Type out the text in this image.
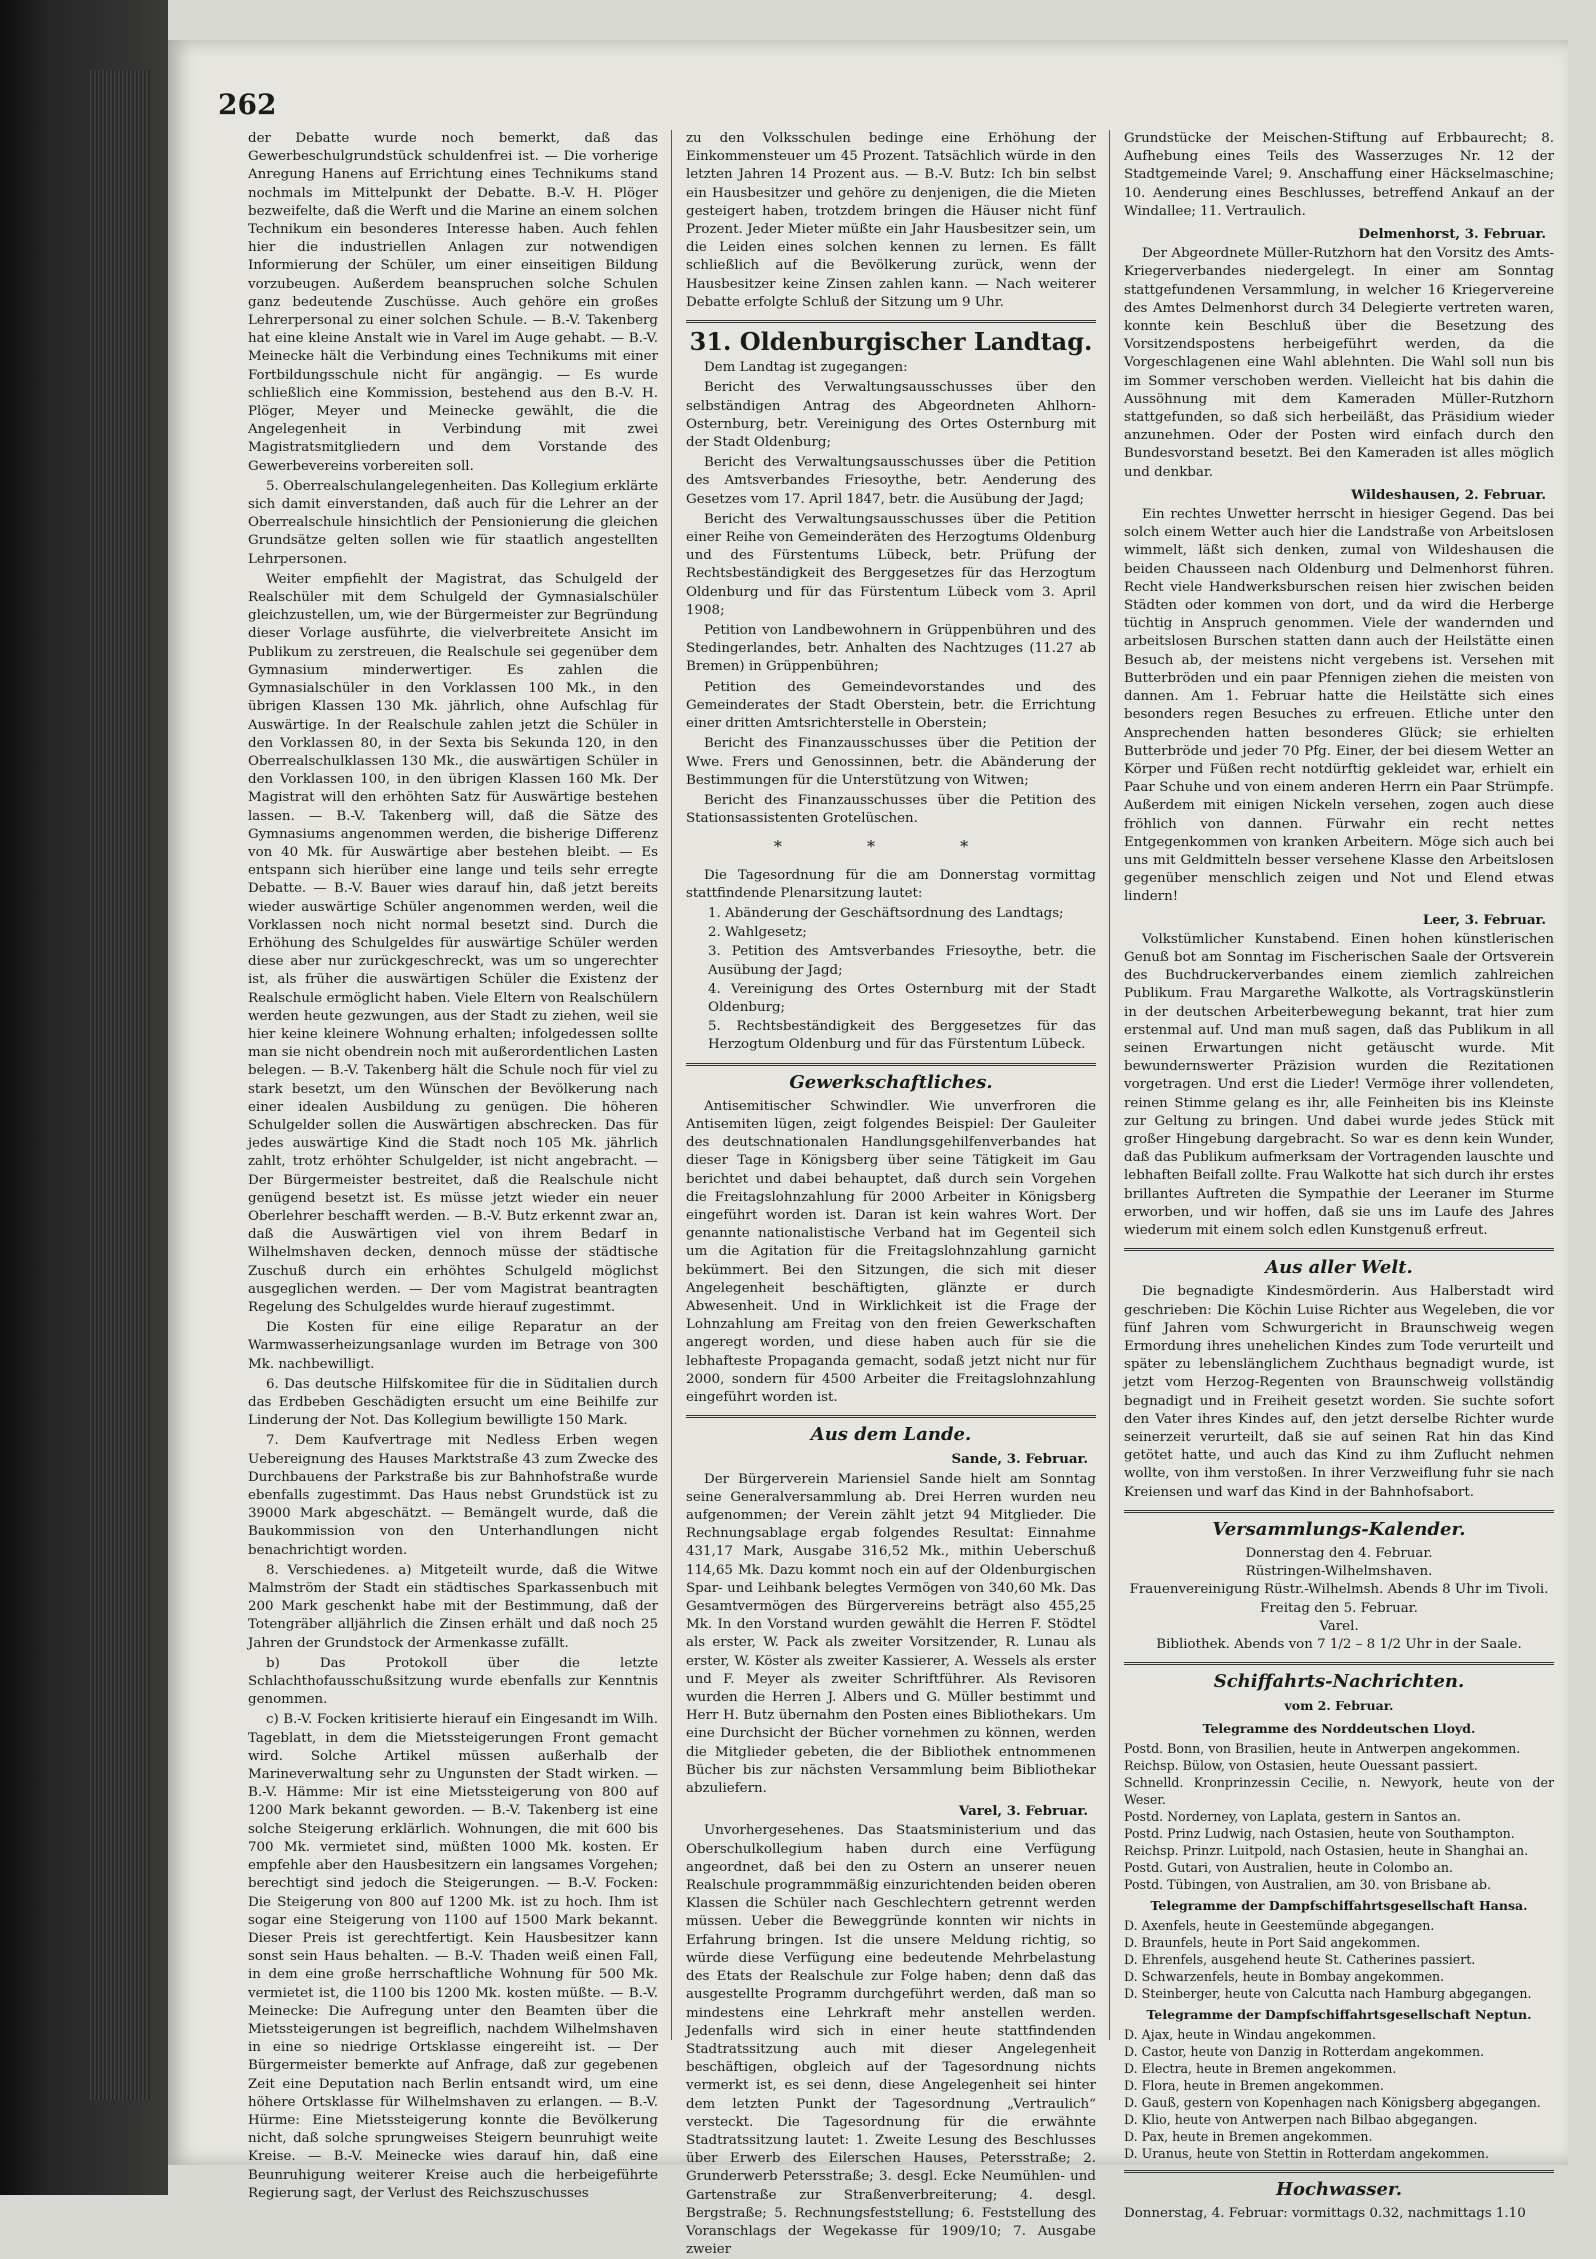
262

der Debatte wurde noch bemerkt, daß das Gewerbeschulgrundstück schuldenfrei ist. — Die vorherige Anregung Hanens auf Errichtung eines Technikums stand nochmals im Mittelpunkt der Debatte. B.-V. H. Plöger bezweifelte, daß die Werft und die Marine an einem solchen Technikum ein besonderes Interesse haben. Auch fehlen hier die industriellen Anlagen zur notwendigen Informierung der Schüler, um einer einseitigen Bildung vorzubeugen. Außerdem beanspruchen solche Schulen ganz bedeutende Zuschüsse. Auch gehöre ein großes Lehrerpersonal zu einer solchen Schule. — B.-V. Takenberg hat eine kleine Anstalt wie in Varel im Auge gehabt. — B.-V. Meinecke hält die Verbindung eines Technikums mit einer Fortbildungsschule nicht für angängig. — Es wurde schließlich eine Kommission, bestehend aus den B.-V. H. Plöger, Meyer und Meinecke gewählt, die die Angelegenheit in Verbindung mit zwei Magistratsmitgliedern und dem Vorstande des Gewerbevereins vorbereiten soll.

5. Oberrealschulangelegenheiten. Das Kollegium erklärte sich damit einverstanden, daß auch für die Lehrer an der Oberrealschule hinsichtlich der Pensionierung die gleichen Grundsätze gelten sollen wie für staatlich angestellten Lehrpersonen.

Weiter empfiehlt der Magistrat, das Schulgeld der Realschüler mit dem Schulgeld der Gymnasialschüler gleichzustellen, um, wie der Bürgermeister zur Begründung dieser Vorlage ausführte, die vielverbreitete Ansicht im Publikum zu zerstreuen, die Realschule sei gegenüber dem Gymnasium minderwertiger. Es zahlen die Gymnasialschüler in den Vorklassen 100 Mk., in den übrigen Klassen 130 Mk. jährlich, ohne Aufschlag für Auswärtige. In der Realschule zahlen jetzt die Schüler in den Vorklassen 80, in der Sexta bis Sekunda 120, in den Oberrealschulklassen 130 Mk., die auswärtigen Schüler in den Vorklassen 100, in den übrigen Klassen 160 Mk. Der Magistrat will den erhöhten Satz für Auswärtige bestehen lassen. — B.-V. Takenberg will, daß die Sätze des Gymnasiums angenommen werden, die bisherige Differenz von 40 Mk. für Auswärtige aber bestehen bleibt. — Es entspann sich hierüber eine lange und teils sehr erregte Debatte. — B.-V. Bauer wies darauf hin, daß jetzt bereits wieder auswärtige Schüler angenommen werden, weil die Vorklassen noch nicht normal besetzt sind. Durch die Erhöhung des Schulgeldes für auswärtige Schüler werden diese aber nur zurückgeschreckt, was um so ungerechter ist, als früher die auswärtigen Schüler die Existenz der Realschule ermöglicht haben. Viele Eltern von Realschülern werden heute gezwungen, aus der Stadt zu ziehen, weil sie hier keine kleinere Wohnung erhalten; infolgedessen sollte man sie nicht obendrein noch mit außerordentlichen Lasten belegen. — B.-V. Takenberg hält die Schule noch für viel zu stark besetzt, um den Wünschen der Bevölkerung nach einer idealen Ausbildung zu genügen. Die höheren Schulgelder sollen die Auswärtigen abschrecken. Das für jedes auswärtige Kind die Stadt noch 105 Mk. jährlich zahlt, trotz erhöhter Schulgelder, ist nicht angebracht. — Der Bürgermeister bestreitet, daß die Realschule nicht genügend besetzt ist. Es müsse jetzt wieder ein neuer Oberlehrer beschafft werden. — B.-V. Butz erkennt zwar an, daß die Auswärtigen viel von ihrem Bedarf in Wilhelmshaven decken, dennoch müsse der städtische Zuschuß durch ein erhöhtes Schulgeld möglichst ausgeglichen werden. — Der vom Magistrat beantragten Regelung des Schulgeldes wurde hierauf zugestimmt.

Die Kosten für eine eilige Reparatur an der Warmwasserheizungsanlage wurden im Betrage von 300 Mk. nachbewilligt.

6. Das deutsche Hilfskomitee für die in Süditalien durch das Erdbeben Geschädigten ersucht um eine Beihilfe zur Linderung der Not. Das Kollegium bewilligte 150 Mark.

7. Dem Kaufvertrage mit Nedless Erben wegen Uebereignung des Hauses Marktstraße 43 zum Zwecke des Durchbauens der Parkstraße bis zur Bahnhofstraße wurde ebenfalls zugestimmt. Das Haus nebst Grundstück ist zu 39000 Mark abgeschätzt. — Bemängelt wurde, daß die Baukommission von den Unterhandlungen nicht benachrichtigt worden.

8. Verschiedenes. a) Mitgeteilt wurde, daß die Witwe Malmström der Stadt ein städtisches Sparkassenbuch mit 200 Mark geschenkt habe mit der Bestimmung, daß der Totengräber alljährlich die Zinsen erhält und daß noch 25 Jahren der Grundstock der Armenkasse zufällt.

b) Das Protokoll über die letzte Schlachthofausschußsitzung wurde ebenfalls zur Kenntnis genommen.

c) B.-V. Focken kritisierte hierauf ein Eingesandt im Wilh. Tageblatt, in dem die Mietssteigerungen Front gemacht wird. Solche Artikel müssen außerhalb der Marineverwaltung sehr zu Ungunsten der Stadt wirken. — B.-V. Hämme: Mir ist eine Mietssteigerung von 800 auf 1200 Mark bekannt geworden. — B.-V. Takenberg ist eine solche Steigerung erklärlich. Wohnungen, die mit 600 bis 700 Mk. vermietet sind, müßten 1000 Mk. kosten. Er empfehle aber den Hausbesitzern ein langsames Vorgehen; berechtigt sind jedoch die Steigerungen. — B.-V. Focken: Die Steigerung von 800 auf 1200 Mk. ist zu hoch. Ihm ist sogar eine Steigerung von 1100 auf 1500 Mark bekannt. Dieser Preis ist gerechtfertigt. Kein Hausbesitzer kann sonst sein Haus behalten. — B.-V. Thaden weiß einen Fall, in dem eine große herrschaftliche Wohnung für 500 Mk. vermietet ist, die 1100 bis 1200 Mk. kosten müßte. — B.-V. Meinecke: Die Aufregung unter den Beamten über die Mietssteigerungen ist begreiflich, nachdem Wilhelmshaven in eine so niedrige Ortsklasse eingereiht ist. — Der Bürgermeister bemerkte auf Anfrage, daß zur gegebenen Zeit eine Deputation nach Berlin entsandt wird, um eine höhere Ortsklasse für Wilhelmshaven zu erlangen. — B.-V. Hürme: Eine Mietssteigerung konnte die Bevölkerung nicht, daß solche sprungweises Steigern beunruhigt weite Kreise. — B.-V. Meinecke wies darauf hin, daß eine Beunruhigung weiterer Kreise auch die herbeigeführte Regierung sagt, der Verlust des Reichszuschusses

zu den Volksschulen bedinge eine Erhöhung der Einkommensteuer um 45 Prozent. Tatsächlich würde in den letzten Jahren 14 Prozent aus. — B.-V. Butz: Ich bin selbst ein Hausbesitzer und gehöre zu denjenigen, die die Mieten gesteigert haben, trotzdem bringen die Häuser nicht fünf Prozent. Jeder Mieter müßte ein Jahr Hausbesitzer sein, um die Leiden eines solchen kennen zu lernen. Es fällt schließlich auf die Bevölkerung zurück, wenn der Hausbesitzer keine Zinsen zahlen kann. — Nach weiterer Debatte erfolgte Schluß der Sitzung um 9 Uhr.

31. Oldenburgischer Landtag.

Dem Landtag ist zugegangen:

Bericht des Verwaltungsausschusses über den selbständigen Antrag des Abgeordneten Ahlhorn-Osternburg, betr. Vereinigung des Ortes Osternburg mit der Stadt Oldenburg;

Bericht des Verwaltungsausschusses über die Petition des Amtsverbandes Friesoythe, betr. Aenderung des Gesetzes vom 17. April 1847, betr. die Ausübung der Jagd;

Bericht des Verwaltungsausschusses über die Petition einer Reihe von Gemeinderäten des Herzogtums Oldenburg und des Fürstentums Lübeck, betr. Prüfung der Rechtsbeständigkeit des Berggesetzes für das Herzogtum Oldenburg und für das Fürstentum Lübeck vom 3. April 1908;

Petition von Landbewohnern in Grüppenbühren und des Stedingerlandes, betr. Anhalten des Nachtzuges (11.27 ab Bremen) in Grüppenbühren;

Petition des Gemeindevorstandes und des Gemeinderates der Stadt Oberstein, betr. die Errichtung einer dritten Amtsrichterstelle in Oberstein;

Bericht des Finanzausschusses über die Petition der Wwe. Frers und Genossinnen, betr. die Abänderung der Bestimmungen für die Unterstützung von Witwen;

Bericht des Finanzausschusses über die Petition des Stationsassistenten Grotelüschen.

* * *

Die Tagesordnung für die am Donnerstag vormittag stattfindende Plenarsitzung lautet:

1. Abänderung der Geschäftsordnung des Landtags;

2. Wahlgesetz;

3. Petition des Amtsverbandes Friesoythe, betr. die Ausübung der Jagd;

4. Vereinigung des Ortes Osternburg mit der Stadt Oldenburg;

5. Rechtsbeständigkeit des Berggesetzes für das Herzogtum Oldenburg und für das Fürstentum Lübeck.

Gewerkschaftliches.

Antisemitischer Schwindler. Wie unverfroren die Antisemiten lügen, zeigt folgendes Beispiel: Der Gauleiter des deutschnationalen Handlungsgehilfenverbandes hat dieser Tage in Königsberg über seine Tätigkeit im Gau berichtet und dabei behauptet, daß durch sein Vorgehen die Freitagslohnzahlung für 2000 Arbeiter in Königsberg eingeführt worden ist. Daran ist kein wahres Wort. Der genannte nationalistische Verband hat im Gegenteil sich um die Agitation für die Freitagslohnzahlung garnicht bekümmert. Bei den Sitzungen, die sich mit dieser Angelegenheit beschäftigten, glänzte er durch Abwesenheit. Und in Wirklichkeit ist die Frage der Lohnzahlung am Freitag von den freien Gewerkschaften angeregt worden, und diese haben auch für sie die lebhafteste Propaganda gemacht, sodaß jetzt nicht nur für 2000, sondern für 4500 Arbeiter die Freitagslohnzahlung eingeführt worden ist.

Aus dem Lande.
Sande, 3. Februar.

Der Bürgerverein Mariensiel Sande hielt am Sonntag seine Generalversammlung ab. Drei Herren wurden neu aufgenommen; der Verein zählt jetzt 94 Mitglieder. Die Rechnungsablage ergab folgendes Resultat: Einnahme 431,17 Mark, Ausgabe 316,52 Mk., mithin Ueberschuß 114,65 Mk. Dazu kommt noch ein auf der Oldenburgischen Spar- und Leihbank belegtes Vermögen von 340,60 Mk. Das Gesamtvermögen des Bürgervereins beträgt also 455,25 Mk. In den Vorstand wurden gewählt die Herren F. Stödtel als erster, W. Pack als zweiter Vorsitzender, R. Lunau als erster, W. Köster als zweiter Kassierer, A. Wessels als erster und F. Meyer als zweiter Schriftführer. Als Revisoren wurden die Herren J. Albers und G. Müller bestimmt und Herr H. Butz übernahm den Posten eines Bibliothekars. Um eine Durchsicht der Bücher vornehmen zu können, werden die Mitglieder gebeten, die der Bibliothek entnommenen Bücher bis zur nächsten Versammlung beim Bibliothekar abzuliefern.

Varel, 3. Februar.

Unvorhergesehenes. Das Staatsministerium und das Oberschulkollegium haben durch eine Verfügung angeordnet, daß bei den zu Ostern an unserer neuen Realschule programmmäßig einzurichtenden beiden oberen Klassen die Schüler nach Geschlechtern getrennt werden müssen. Ueber die Beweggründe konnten wir nichts in Erfahrung bringen. Ist die unsere Meldung richtig, so würde diese Verfügung eine bedeutende Mehrbelastung des Etats der Realschule zur Folge haben; denn daß das ausgestellte Programm durchgeführt werden, daß man so mindestens eine Lehrkraft mehr anstellen werden. Jedenfalls wird sich in einer heute stattfindenden Stadtratssitzung auch mit dieser Angelegenheit beschäftigen, obgleich auf der Tagesordnung nichts vermerkt ist, es sei denn, diese Angelegenheit sei hinter dem letzten Punkt der Tagesordnung „Vertraulich“ versteckt. Die Tagesordnung für die erwähnte Stadtratssitzung lautet: 1. Zweite Lesung des Beschlusses über Erwerb des Eilerschen Hauses, Petersstraße; 2. Grunderwerb Petersstraße; 3. desgl. Ecke Neumühlen- und Gartenstraße zur Straßenverbreiterung; 4. desgl. Bergstraße; 5. Rechnungsfeststellung; 6. Feststellung des Voranschlags der Wegekasse für 1909/10; 7. Ausgabe zweier

Grundstücke der Meischen-Stiftung auf Erbbaurecht; 8. Aufhebung eines Teils des Wasserzuges Nr. 12 der Stadtgemeinde Varel; 9. Anschaffung einer Häckselmaschine; 10. Aenderung eines Beschlusses, betreffend Ankauf an der Windallee; 11. Vertraulich.

Delmenhorst, 3. Februar.

Der Abgeordnete Müller-Rutzhorn hat den Vorsitz des Amts-Kriegerverbandes niedergelegt. In einer am Sonntag stattgefundenen Versammlung, in welcher 16 Kriegervereine des Amtes Delmenhorst durch 34 Delegierte vertreten waren, konnte kein Beschluß über die Besetzung des Vorsitzendspostens herbeigeführt werden, da die Vorgeschlagenen eine Wahl ablehnten. Die Wahl soll nun bis im Sommer verschoben werden. Vielleicht hat bis dahin die Aussöhnung mit dem Kameraden Müller-Rutzhorn stattgefunden, so daß sich herbeiläßt, das Präsidium wieder anzunehmen. Oder der Posten wird einfach durch den Bundesvorstand besetzt. Bei den Kameraden ist alles möglich und denkbar.

Wildeshausen, 2. Februar.

Ein rechtes Unwetter herrscht in hiesiger Gegend. Das bei solch einem Wetter auch hier die Landstraße von Arbeitslosen wimmelt, läßt sich denken, zumal von Wildeshausen die beiden Chausseen nach Oldenburg und Delmenhorst führen. Recht viele Handwerksburschen reisen hier zwischen beiden Städten oder kommen von dort, und da wird die Herberge tüchtig in Anspruch genommen. Viele der wandernden und arbeitslosen Burschen statten dann auch der Heilstätte einen Besuch ab, der meistens nicht vergebens ist. Versehen mit Butterbröden und ein paar Pfennigen ziehen die meisten von dannen. Am 1. Februar hatte die Heilstätte sich eines besonders regen Besuches zu erfreuen. Etliche unter den Ansprechenden hatten besonderes Glück; sie erhielten Butterbröde und jeder 70 Pfg. Einer, der bei diesem Wetter an Körper und Füßen recht notdürftig gekleidet war, erhielt ein Paar Schuhe und von einem anderen Herrn ein Paar Strümpfe. Außerdem mit einigen Nickeln versehen, zogen auch diese fröhlich von dannen. Fürwahr ein recht nettes Entgegenkommen von kranken Arbeitern. Möge sich auch bei uns mit Geldmitteln besser versehene Klasse den Arbeitslosen gegenüber menschlich zeigen und Not und Elend etwas lindern!

Leer, 3. Februar.

Volkstümlicher Kunstabend. Einen hohen künstlerischen Genuß bot am Sonntag im Fischerischen Saale der Ortsverein des Buchdruckerverbandes einem ziemlich zahlreichen Publikum. Frau Margarethe Walkotte, als Vortragskünstlerin in der deutschen Arbeiterbewegung bekannt, trat hier zum erstenmal auf. Und man muß sagen, daß das Publikum in all seinen Erwartungen nicht getäuscht wurde. Mit bewundernswerter Präzision wurden die Rezitationen vorgetragen. Und erst die Lieder! Vermöge ihrer vollendeten, reinen Stimme gelang es ihr, alle Feinheiten bis ins Kleinste zur Geltung zu bringen. Und dabei wurde jedes Stück mit großer Hingebung dargebracht. So war es denn kein Wunder, daß das Publikum aufmerksam der Vortragenden lauschte und lebhaften Beifall zollte. Frau Walkotte hat sich durch ihr erstes brillantes Auftreten die Sympathie der Leeraner im Sturme erworben, und wir hoffen, daß sie uns im Laufe des Jahres wiederum mit einem solch edlen Kunstgenuß erfreut.

Aus aller Welt.

Die begnadigte Kindesmörderin. Aus Halberstadt wird geschrieben: Die Köchin Luise Richter aus Wegeleben, die vor fünf Jahren vom Schwurgericht in Braunschweig wegen Ermordung ihres unehelichen Kindes zum Tode verurteilt und später zu lebenslänglichem Zuchthaus begnadigt wurde, ist jetzt vom Herzog-Regenten von Braunschweig vollständig begnadigt und in Freiheit gesetzt worden. Sie suchte sofort den Vater ihres Kindes auf, den jetzt derselbe Richter wurde seinerzeit verurteilt, daß sie auf seinen Rat hin das Kind getötet hatte, und auch das Kind zu ihm Zuflucht nehmen wollte, von ihm verstoßen. In ihrer Verzweiflung fuhr sie nach Kreiensen und warf das Kind in der Bahnhofsabort.

Versammlungs-Kalender.

Donnerstag den 4. Februar.

Rüstringen-Wilhelmshaven.

Frauenvereinigung Rüstr.-Wilhelmsh. Abends 8 Uhr im Tivoli.

Freitag den 5. Februar.

Varel.

Bibliothek. Abends von 7 1/2 – 8 1/2 Uhr in der Saale.

Schiffahrts-Nachrichten.
vom 2. Februar.
Telegramme des Norddeutschen Lloyd.

Postd. Bonn, von Brasilien, heute in Antwerpen angekommen.

Reichsp. Bülow, von Ostasien, heute Ouessant passiert.

Schnelld. Kronprinzessin Cecilie, n. Newyork, heute von der Weser.

Postd. Norderney, von Laplata, gestern in Santos an.

Postd. Prinz Ludwig, nach Ostasien, heute von Southampton.

Reichsp. Prinzr. Luitpold, nach Ostasien, heute in Shanghai an.

Postd. Gutari, von Australien, heute in Colombo an.

Postd. Tübingen, von Australien, am 30. von Brisbane ab.

Telegramme der Dampfschiffahrtsgesellschaft Hansa.

D. Axenfels, heute in Geestemünde abgegangen.

D. Braunfels, heute in Port Said angekommen.

D. Ehrenfels, ausgehend heute St. Catherines passiert.

D. Schwarzenfels, heute in Bombay angekommen.

D. Steinberger, heute von Calcutta nach Hamburg abgegangen.

Telegramme der Dampfschiffahrtsgesellschaft Neptun.

D. Ajax, heute in Windau angekommen.

D. Castor, heute von Danzig in Rotterdam angekommen.

D. Electra, heute in Bremen angekommen.

D. Flora, heute in Bremen angekommen.

D. Gauß, gestern von Kopenhagen nach Königsberg abgegangen.

D. Klio, heute von Antwerpen nach Bilbao abgegangen.

D. Pax, heute in Bremen angekommen.

D. Uranus, heute von Stettin in Rotterdam angekommen.

Hochwasser.

Donnerstag, 4. Februar: vormittags 0.32, nachmittags 1.10
